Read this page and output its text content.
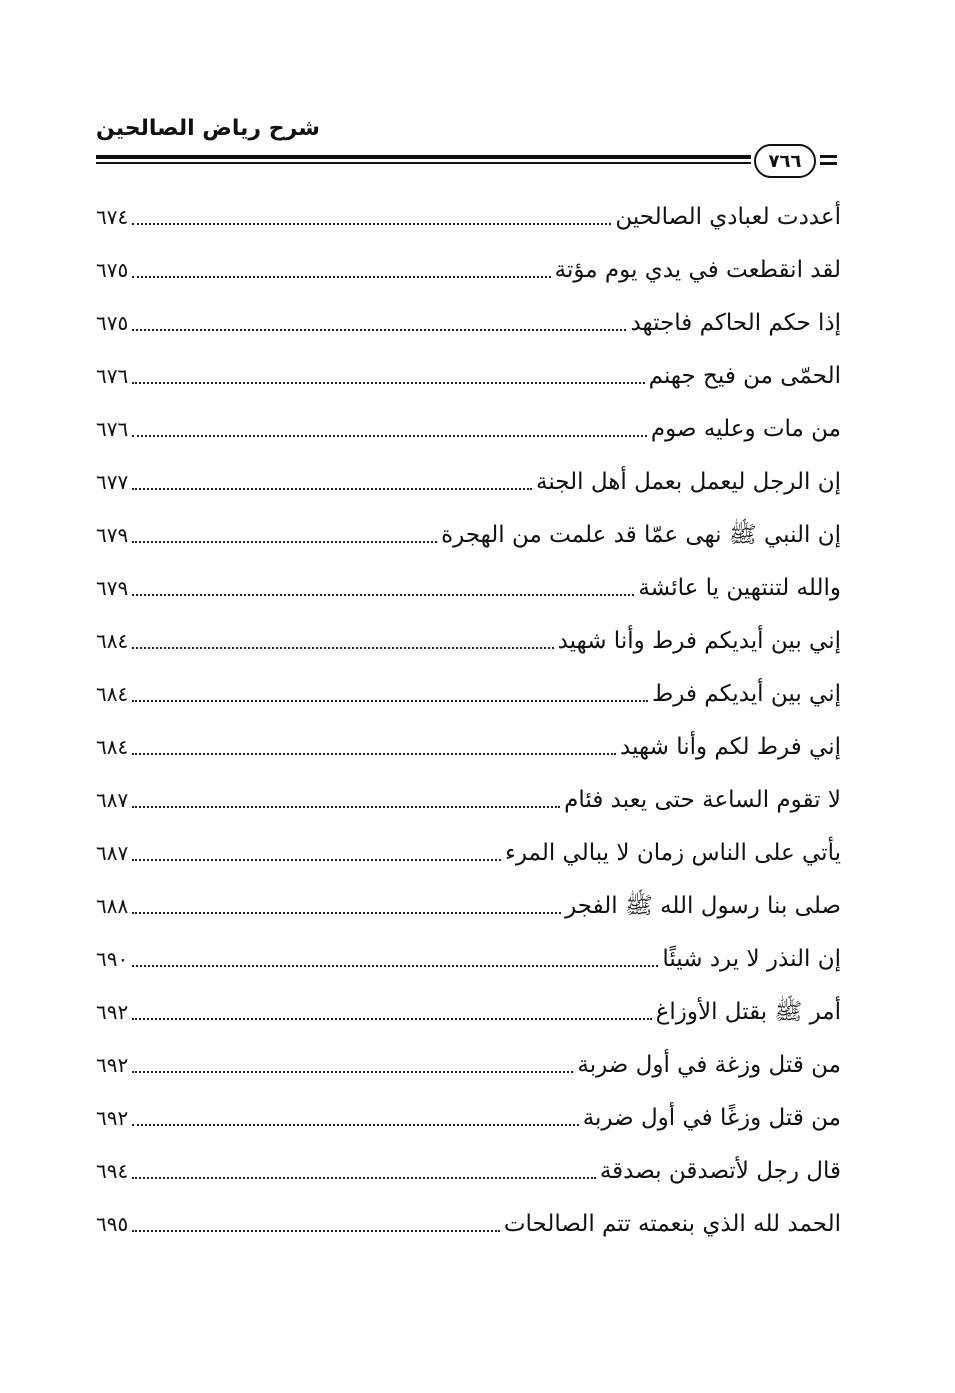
شرح رياض الصالحين
٧٦٦
أعددت لعبادي الصالحين
٦٧٤
لقد انقطعت في يدي يوم مؤتة
٦٧٥
إذا حكم الحاكم فاجتهد
٦٧٥
الحمّى من فيح جهنم
٦٧٦
من مات وعليه صوم
٦٧٦
إن الرجل ليعمل بعمل أهل الجنة
٦٧٧
إن النبي ﷺ نهى عمّا قد علمت من الهجرة
٦٧٩
والله لتنتهين يا عائشة
٦٧٩
إني بين أيديكم فرط وأنا شهيد
٦٨٤
إني بين أيديكم فرط
٦٨٤
إني فرط لكم وأنا شهيد
٦٨٤
لا تقوم الساعة حتى يعبد فئام
٦٨٧
يأتي على الناس زمان لا يبالي المرء
٦٨٧
صلى بنا رسول الله ﷺ الفجر
٦٨٨
إن النذر لا يرد شيئًا
٦٩٠
أمر ﷺ بقتل الأوزاغ
٦٩٢
من قتل وزغة في أول ضربة
٦٩٢
من قتل وزغًا في أول ضربة
٦٩٢
قال رجل لأتصدقن بصدقة
٦٩٤
الحمد لله الذي بنعمته تتم الصالحات
٦٩٥
